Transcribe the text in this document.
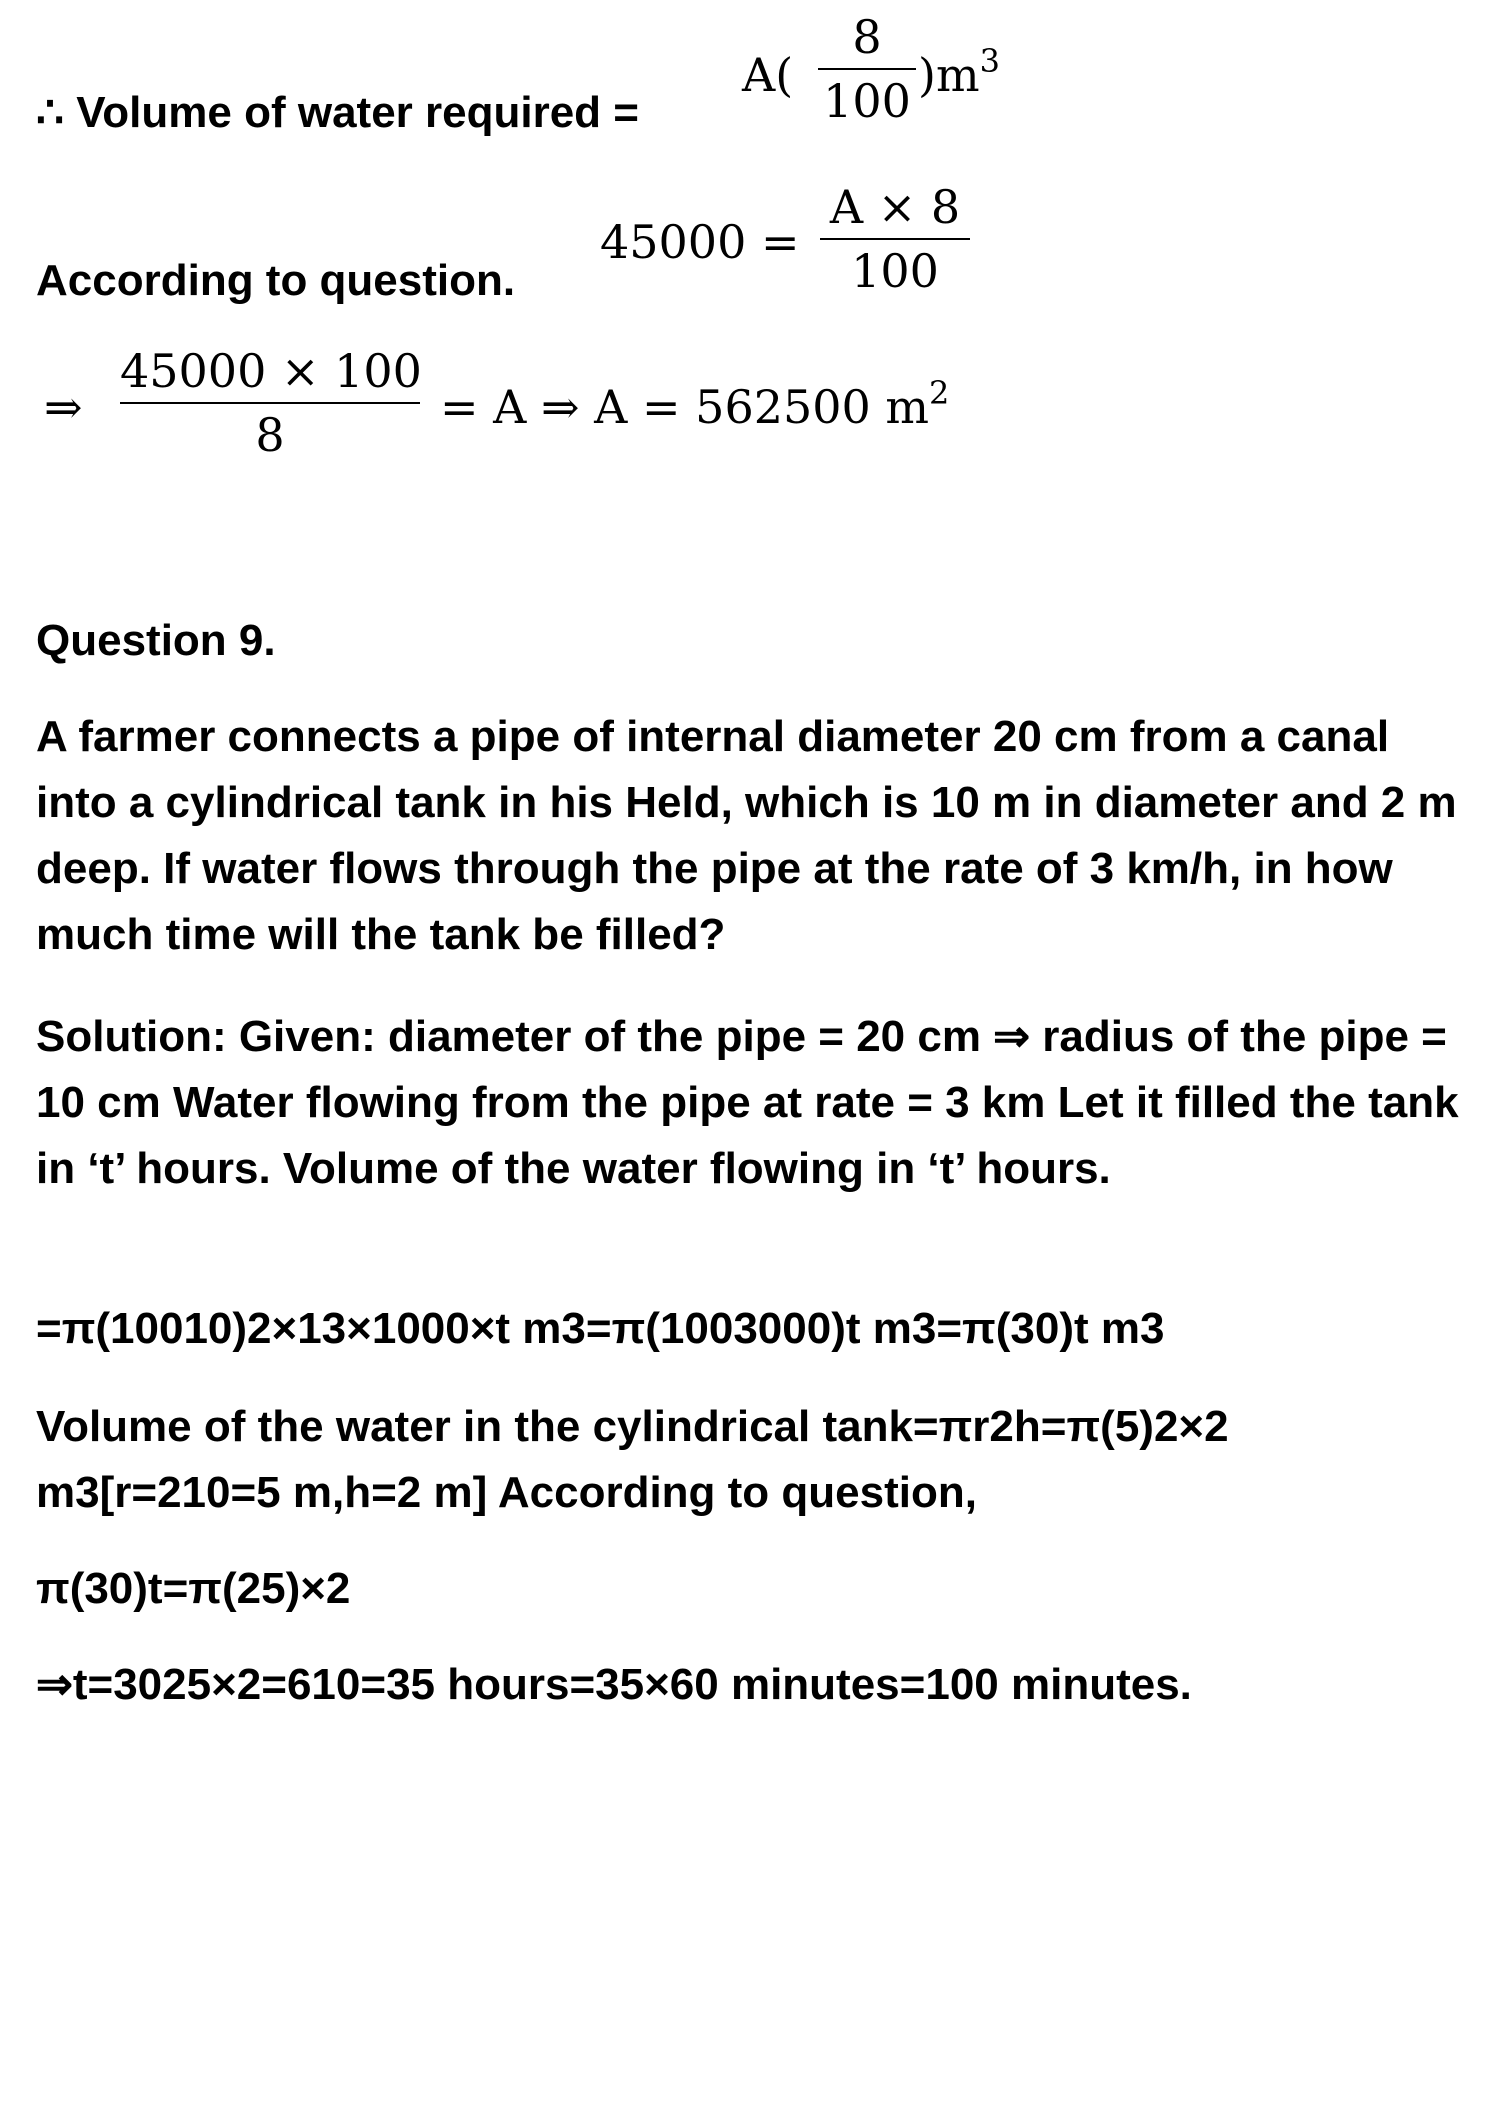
∴ Volume of water required =
A(
8
100 )$m^3$
According to question.
45000 =
A × 8
100
⇒
45000 × 100
8
= A ⇒ A = 562500 $m^2$
Question 9.
A farmer connects a pipe of internal diameter 20 cm from a canal into a cylindrical tank in his Held, which is 10 m in diameter and 2 m deep. If water flows through the pipe at the rate of 3 km/h, in how much time will the tank be filled?
Solution: Given: diameter of the pipe = 20 cm ⇒ radius of the pipe = 10 cm Water flowing from the pipe at rate = 3 km Let it filled the tank in ‘t’ hours. Volume of the water flowing in ‘t’ hours.
=π(10010)2×13×1000×t m3=π(1003000)t m3=π(30)t m3
Volume of the water in the cylindrical tank=πr2h=π(5)2×2 m3[r=210=5 m,h=2 m] According to question,
π(30)t=π(25)×2
⇒t=3025×2=610=35 hours=35×60 minutes=100 minutes.
